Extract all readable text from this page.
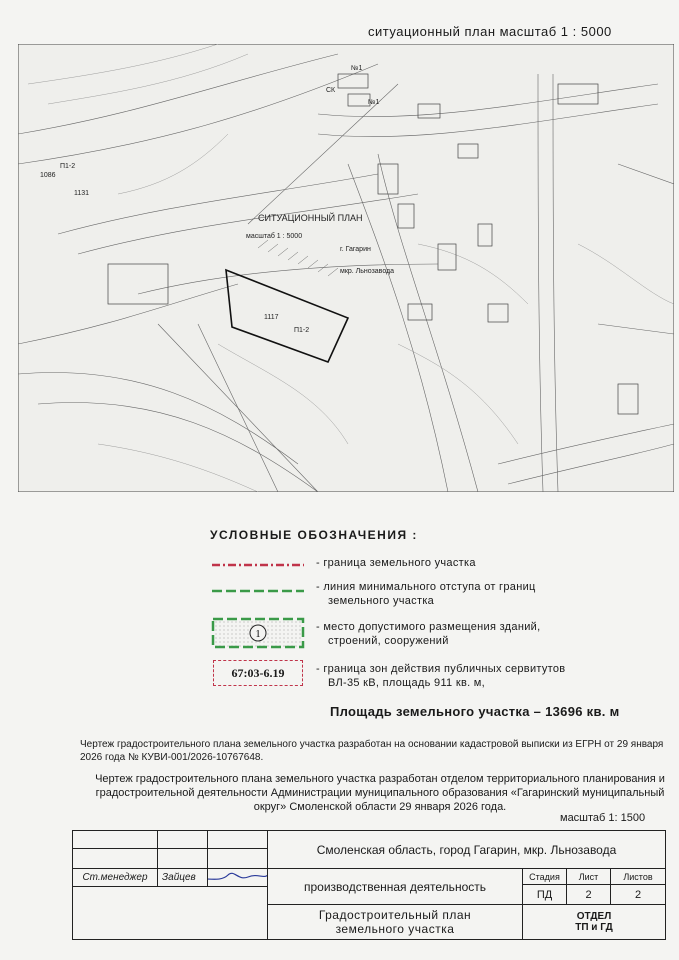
ситуационный план масштаб 1 : 5000
СИТУАЦИОННЫЙ ПЛАН
масштаб 1 : 5000
г. Гагарин
мкр. Льнозавода
1117
П1-2
П1-2
1086
1131
СК
№1
№1
УСЛОВНЫЕ ОБОЗНАЧЕНИЯ :
- граница земельного участка
- линия минимального отступа от границ
земельного участка
1
- место допустимого размещения зданий,
строений, сооружений
67:03-6.19	- граница зон действия публичных сервитутов
ВЛ-35 кВ, площадь 911 кв. м,
Площадь земельного участка – 13696 кв. м
Чертеж градостроительного плана земельного участка разработан на основании кадастровой выписки из ЕГРН от 29 января 2026 года № КУВИ-001/2026-10767648.
Чертеж градостроительного плана земельного участка разработан отделом территориального планирования и градостроительной деятельности Администрации муниципального образования «Гагаринский муниципальный округ» Смоленской области 29 января 2026 года.
масштаб 1: 1500
Ст.менеджер	Зайцев
Смоленская область, город Гагарин, мкр. Льнозавода
производственная деятельность
Стадия	Лист	Листов
ПД	2	2
Градостроительный план
земельного участка
ОТДЕЛ
ТП и ГД
